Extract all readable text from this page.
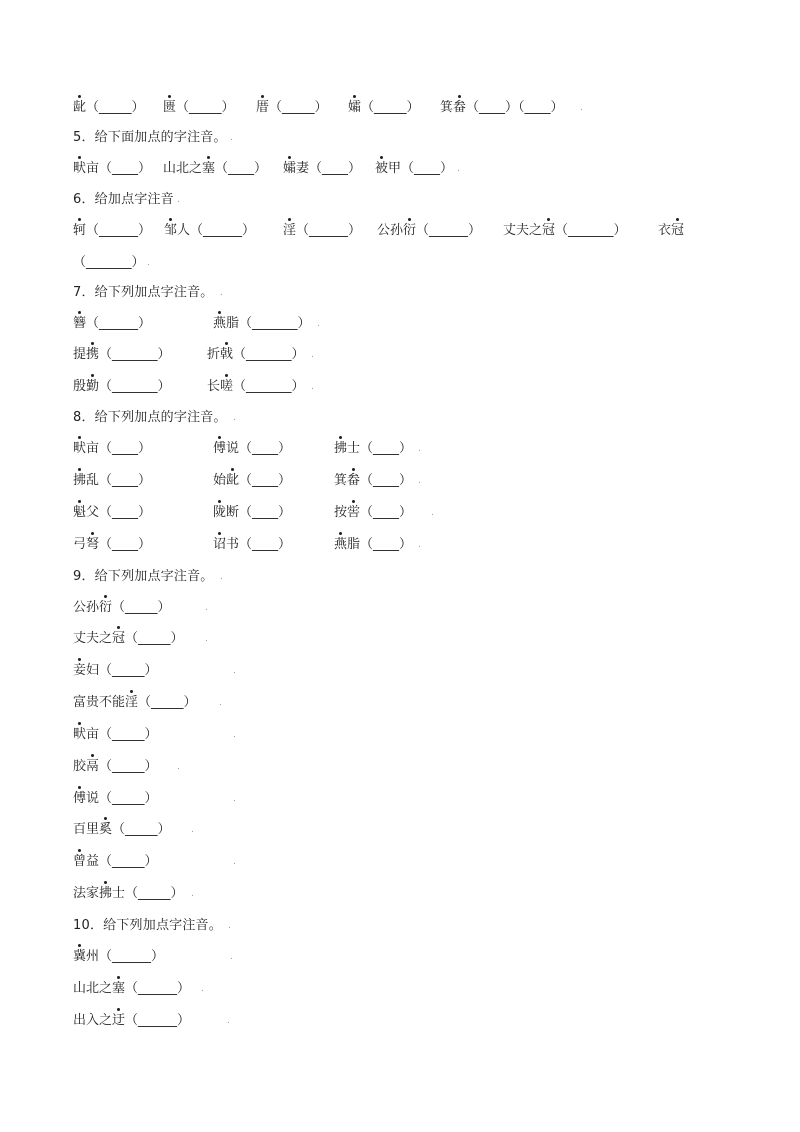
龀（_____） 匮（_____） 厝（_____） 孀（_____） 箕畚（____）（____） .
5．给下面加点的字注音。 .
畎亩（____） 山北之塞（____） 孀妻（____） 被甲（____） .
6．给加点字注音 .
轲（______） 邹人（______） 淫（______） 公孙衍（______） 丈夫之冠（_______） 衣冠
（_______） .
7．给下列加点字注音。 .
簪（______）	燕脂（_______） .
提携（_______）	折戟（_______） .
殷勤（_______）	长嗟（_______） .
8．给下列加点的字注音。 .
畎亩（____）	傅说（____）	拂士（____） .
拂乱（____）	始龀（____）	箕畚（____） .
魁父（____）	陇断（____）	按喾（____） .
弓弩（____）	诏书（____）	燕脂（____） .
9．给下列加点字注音。 .
公孙衍（_____）	.
丈夫之冠（_____） .
妾妇（_____）	.
富贵不能淫（_____） .
畎亩（_____）	.
胶鬲（_____） .
傅说（_____）	.
百里奚（_____） .
曾益（_____）	.
法家拂士（_____） .
10．给下列加点字注音。 .
冀州（______）	.
山北之塞（______） .
出入之迂（______）	.
